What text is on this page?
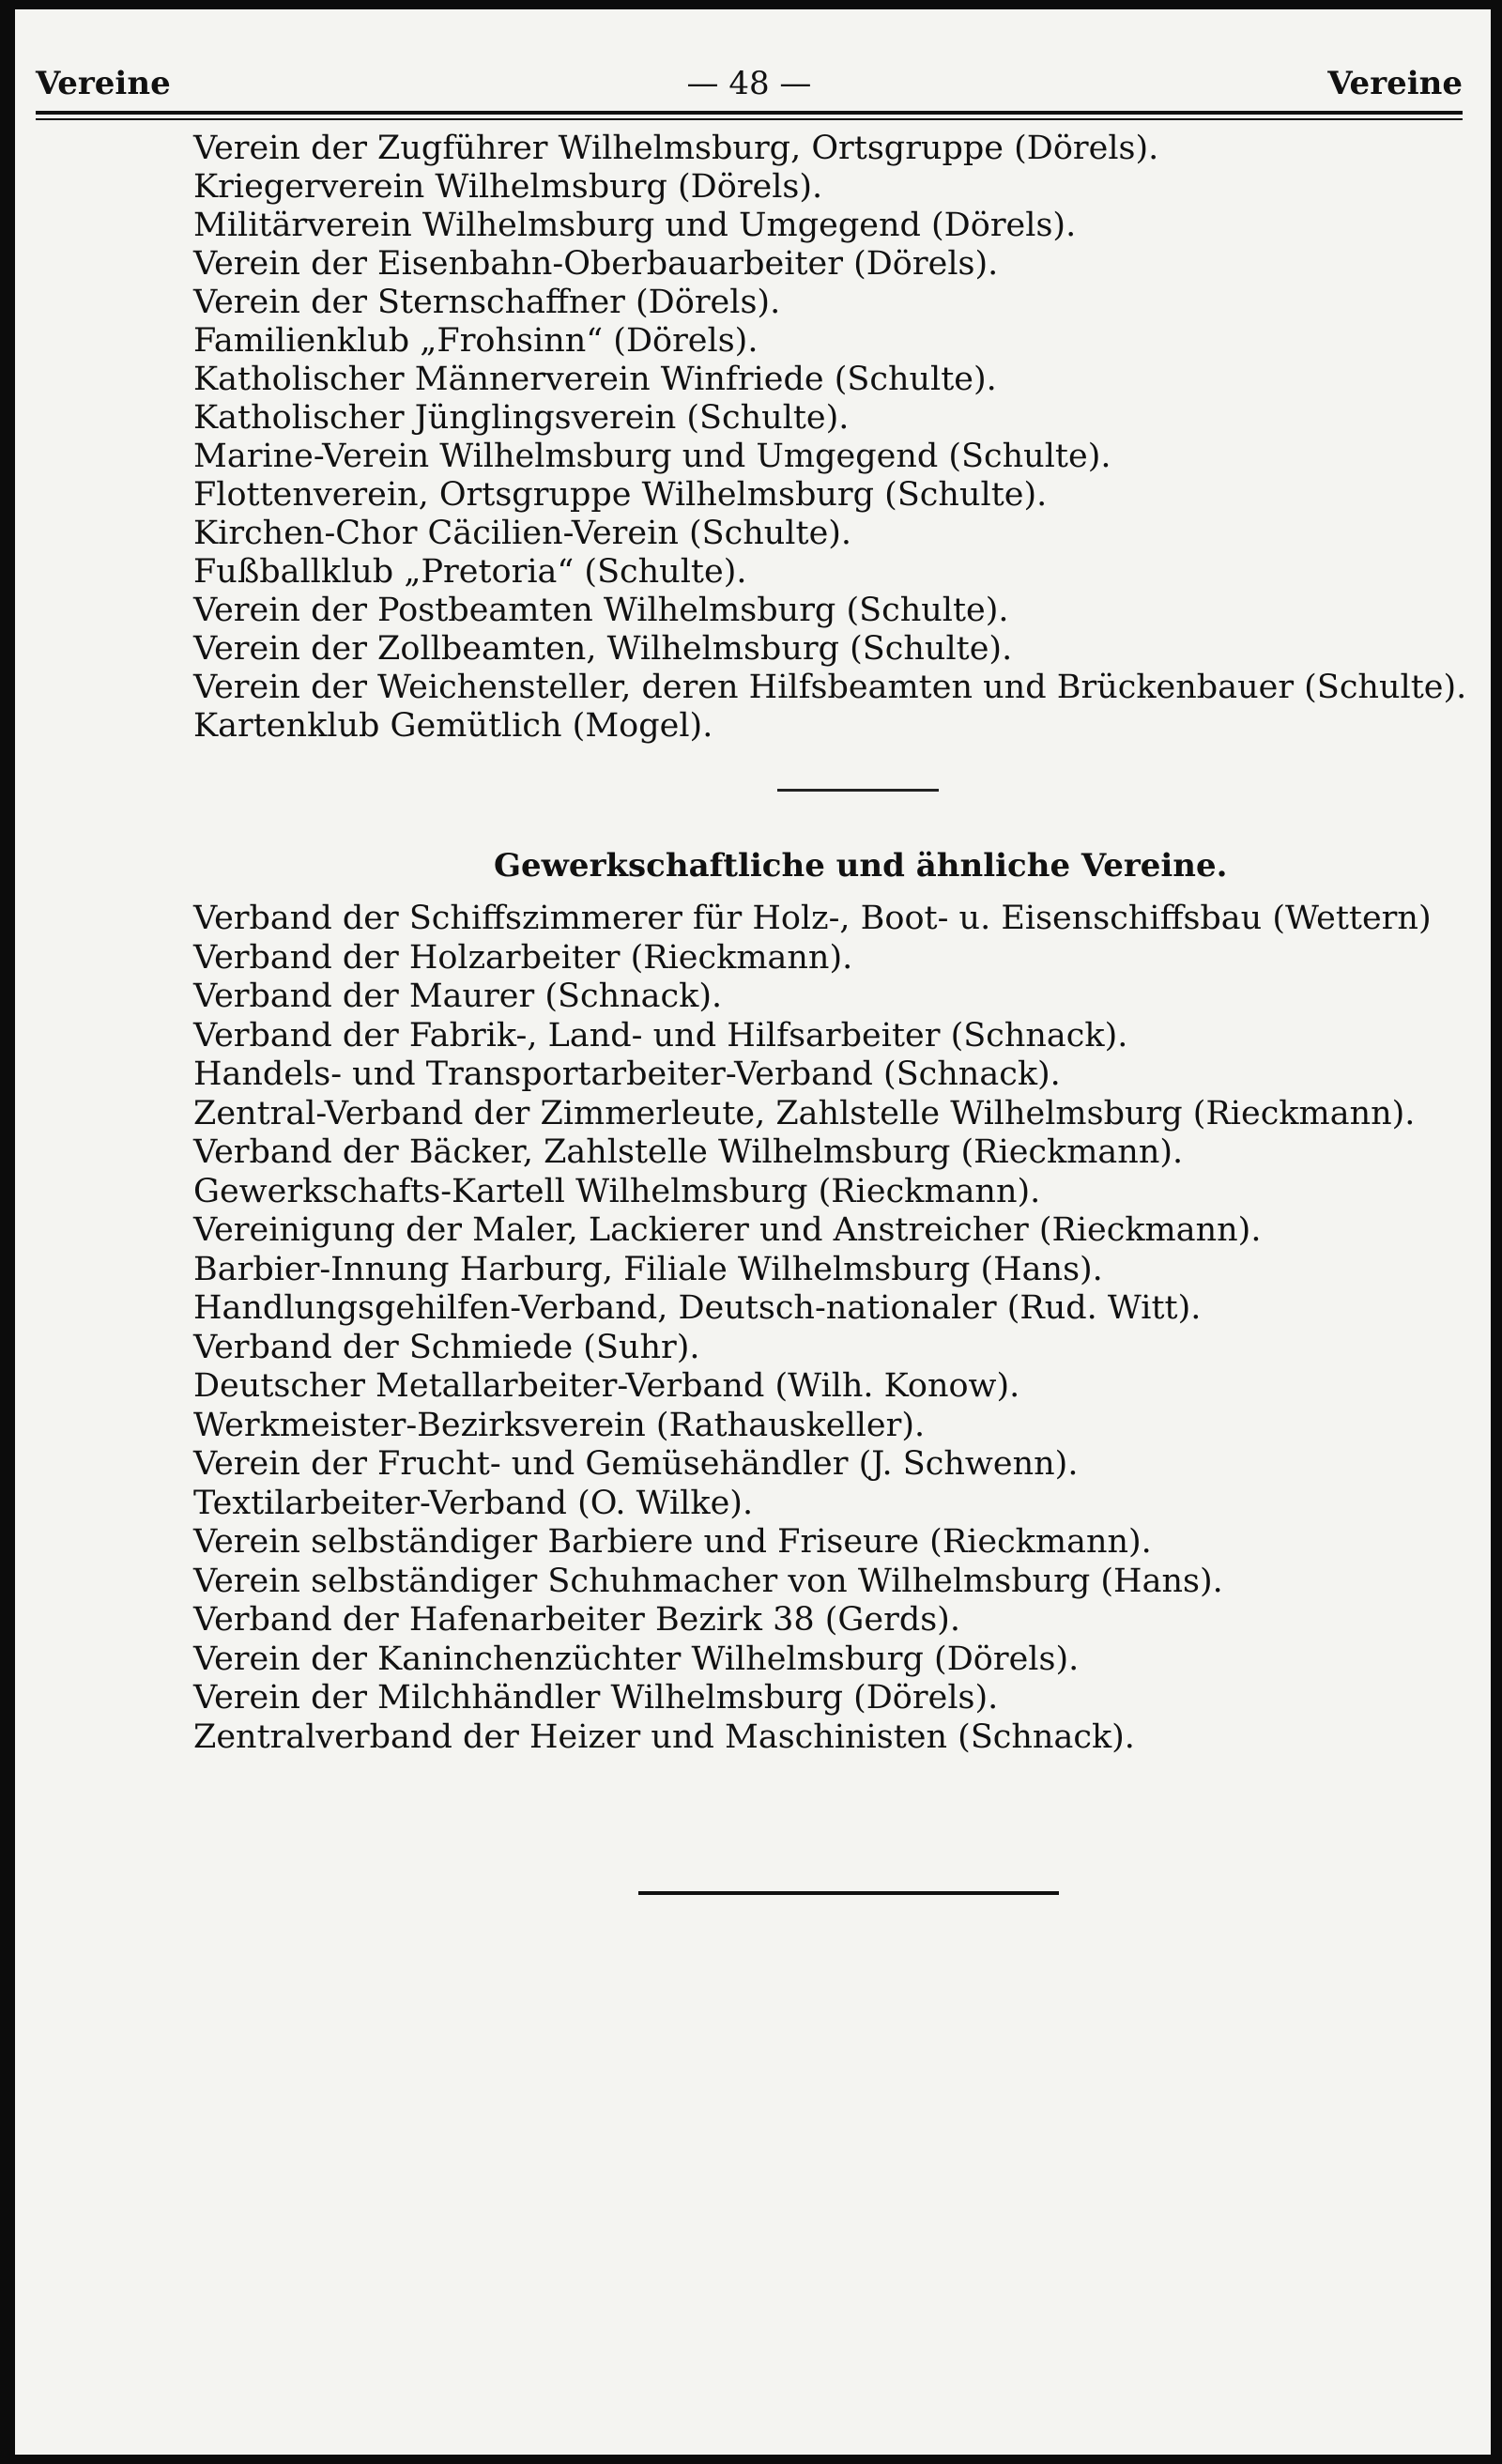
Vereine	— 48 —	Vereine
Verein der Zugführer Wilhelmsburg, Ortsgruppe (Dörels).
Kriegerverein Wilhelmsburg (Dörels).
Militärverein Wilhelmsburg und Umgegend (Dörels).
Verein der Eisenbahn-Oberbauarbeiter (Dörels).
Verein der Sternschaffner (Dörels).
Familienklub „Frohsinn“ (Dörels).
Katholischer Männerverein Winfriede (Schulte).
Katholischer Jünglingsverein (Schulte).
Marine-Verein Wilhelmsburg und Umgegend (Schulte).
Flottenverein, Ortsgruppe Wilhelmsburg (Schulte).
Kirchen-Chor Cäcilien-Verein (Schulte).
Fußballklub „Pretoria“ (Schulte).
Verein der Postbeamten Wilhelmsburg (Schulte).
Verein der Zollbeamten, Wilhelmsburg (Schulte).
Verein der Weichensteller, deren Hilfsbeamten und Brückenbauer (Schulte).
Kartenklub Gemütlich (Mogel).
Gewerkschaftliche und ähnliche Vereine.
Verband der Schiffszimmerer für Holz-, Boot- u. Eisenschiffsbau (Wettern)
Verband der Holzarbeiter (Rieckmann).
Verband der Maurer (Schnack).
Verband der Fabrik-, Land- und Hilfsarbeiter (Schnack).
Handels- und Transportarbeiter-Verband (Schnack).
Zentral-Verband der Zimmerleute, Zahlstelle Wilhelmsburg (Rieckmann).
Verband der Bäcker, Zahlstelle Wilhelmsburg (Rieckmann).
Gewerkschafts-Kartell Wilhelmsburg (Rieckmann).
Vereinigung der Maler, Lackierer und Anstreicher (Rieckmann).
Barbier-Innung Harburg, Filiale Wilhelmsburg (Hans).
Handlungsgehilfen-Verband, Deutsch-nationaler (Rud. Witt).
Verband der Schmiede (Suhr).
Deutscher Metallarbeiter-Verband (Wilh. Konow).
Werkmeister-Bezirksverein (Rathauskeller).
Verein der Frucht- und Gemüsehändler (J. Schwenn).
Textilarbeiter-Verband (O. Wilke).
Verein selbständiger Barbiere und Friseure (Rieckmann).
Verein selbständiger Schuhmacher von Wilhelmsburg (Hans).
Verband der Hafenarbeiter Bezirk 38 (Gerds).
Verein der Kaninchenzüchter Wilhelmsburg (Dörels).
Verein der Milchhändler Wilhelmsburg (Dörels).
Zentralverband der Heizer und Maschinisten (Schnack).
